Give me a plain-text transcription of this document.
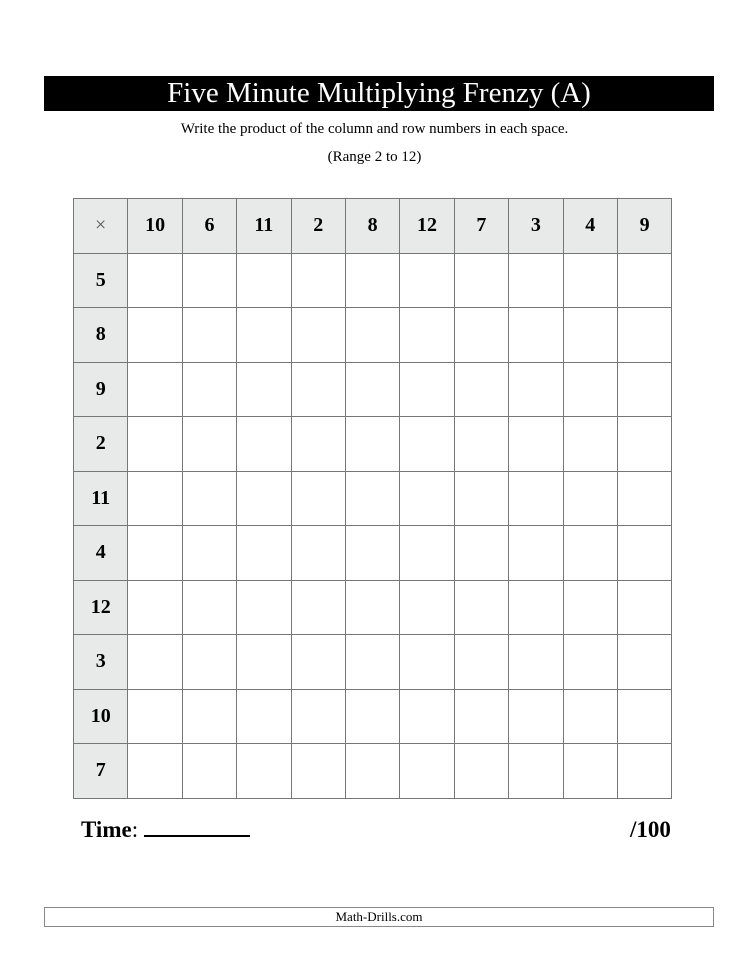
Five Minute Multiplying Frenzy (A)
Write the product of the column and row numbers in each space.
(Range 2 to 12)
×	10	6	11	2	8	12	7	3	4	9
5										
8										
9										
2										
11										
4										
12										
3										
10										
7										
Time:	/100
Math-Drills.com
